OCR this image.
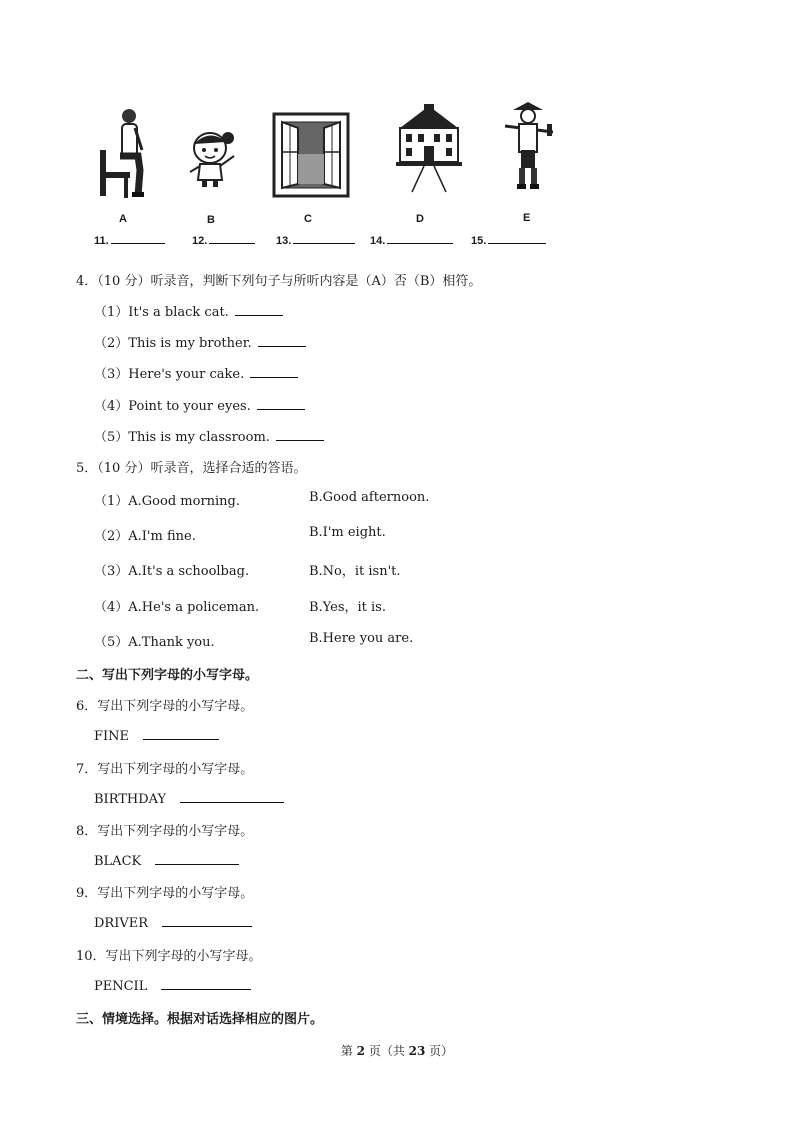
A	B	C	D	E
11.	12.	13.	14.	15.
4．（10 分）听录音，判断下列句子与所听内容是（A）否（B）相符。
（1）It's a black cat.
（2）This is my brother.
（3）Here's your cake.
（4）Point to your eyes.
（5）This is my classroom.
5．（10 分）听录音，选择合适的答语。
（1）A.Good morning.	B.Good afternoon.
（2）A.I'm fine.	B.I'm eight.
（3）A.It's a schoolbag.	B.No，it isn't.
（4）A.He's a policeman.	B.Yes，it is.
（5）A.Thank you.	B.Here you are.
二、写出下列字母的小写字母。
6．写出下列字母的小写字母。
FINE
7．写出下列字母的小写字母。
BIRTHDAY
8．写出下列字母的小写字母。
BLACK
9．写出下列字母的小写字母。
DRIVER
10．写出下列字母的小写字母。
PENCIL
三、情境选择。根据对话选择相应的图片。
第 2 页（共 23 页）
